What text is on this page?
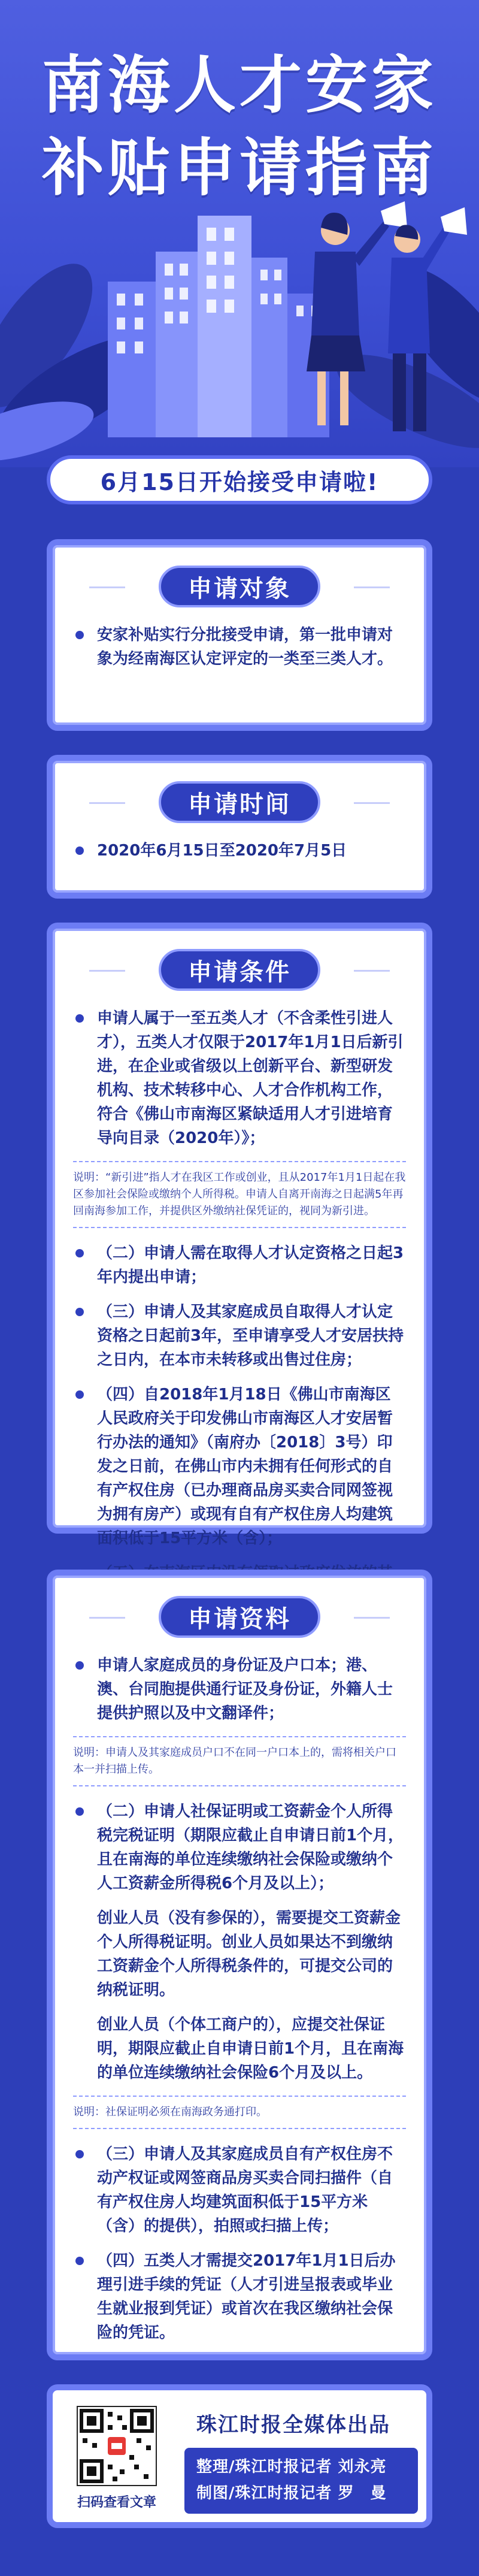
南海人才安家
补贴申请指南
6月15日开始接受申请啦!
申请对象
安家补贴实行分批接受申请，第一批申请对象为经南海区认定评定的一类至三类人才。
申请时间
2020年6月15日至2020年7月5日
申请条件
申请人属于一至五类人才（不含柔性引进人才），五类人才仅限于2017年1月1日后新引进，在企业或省级以上创新平台、新型研发机构、技术转移中心、人才合作机构工作，符合《佛山市南海区紧缺适用人才引进培育导向目录（2020年）》；
说明：“新引进”指人才在我区工作或创业，且从2017年1月1日起在我区参加社会保险或缴纳个人所得税。申请人自离开南海之日起满5年再回南海参加工作，并提供区外缴纳社保凭证的，视同为新引进。
（二）申请人需在取得人才认定资格之日起3年内提出申请；
（三）申请人及其家庭成员自取得人才认定资格之日起前3年，至申请享受人才安居扶持之日内，在本市未转移或出售过住房；
（四）自2018年1月18日《佛山市南海区人民政府关于印发佛山市南海区人才安居暂行办法的通知》（南府办〔2018〕3号）印发之日前，在佛山市内未拥有任何形式的自有产权住房（已办理商品房买卖合同网签视为拥有房产）或现有自有产权住房人均建筑面积低于15平方米（含）；
申请资料
申请人家庭成员的身份证及户口本；港、澳、台同胞提供通行证及身份证，外籍人士提供护照以及中文翻译件；
说明：申请人及其家庭成员户口不在同一户口本上的，需将相关户口本一并扫描上传。
（二）申请人社保证明或工资薪金个人所得税完税证明（期限应截止自申请日前1个月，且在南海的单位连续缴纳社会保险或缴纳个人工资薪金所得税6个月及以上）；
创业人员（没有参保的），需要提交工资薪金个人所得税证明。创业人员如果达不到缴纳工资薪金个人所得税条件的，可提交公司的纳税证明。
创业人员（个体工商户的），应提交社保证明，期限应截止自申请日前1个月，且在南海的单位连续缴纳社会保险6个月及以上。
说明：社保证明必须在南海政务通打印。
（三）申请人及其家庭成员自有产权住房不动产权证或网签商品房买卖合同扫描件（自有产权住房人均建筑面积低于15平方米（含）的提供），拍照或扫描上传；
（四）五类人才需提交2017年1月1日后办理引进手续的凭证（人才引进呈报表或毕业生就业报到凭证）或首次在我区缴纳社会保险的凭证。
扫码查看文章
珠江时报全媒体出品
整理/珠江时报记者 刘永亮
制图/珠江时报记者 罗　曼
